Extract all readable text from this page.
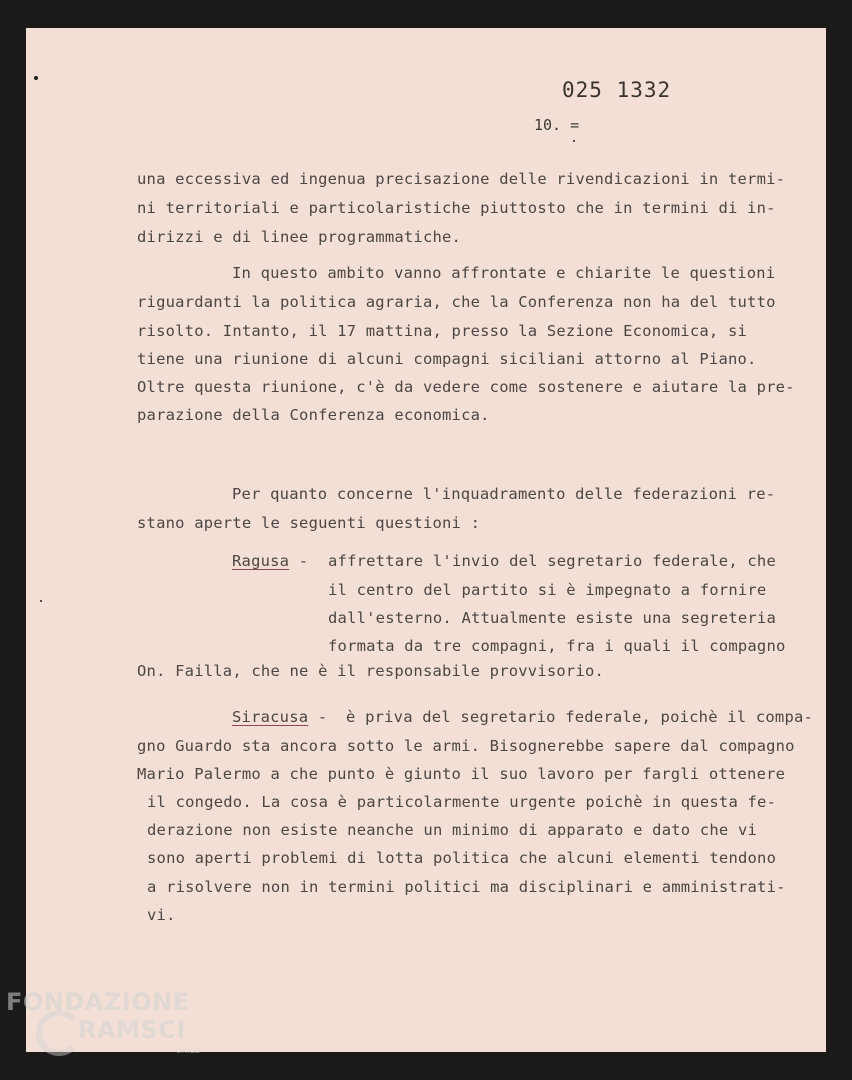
025 1332
10. =
una eccessiva ed ingenua precisazione delle rivendicazioni in termi-
ni territoriali e particolaristiche piuttosto che in termini di in-
dirizzi e di linee programmatiche.
In questo ambito vanno affrontate e chiarite le questioni
riguardanti la politica agraria, che la Conferenza non ha del tutto
risolto. Intanto, il 17 mattina, presso la Sezione Economica, si
tiene una riunione di alcuni compagni siciliani attorno al Piano.
Oltre questa riunione, c'è da vedere come sostenere e aiutare la pre-
parazione della Conferenza economica.
Per quanto concerne l'inquadramento delle federazioni re-
stano aperte le seguenti questioni :
Ragusa - affrettare l'invio del segretario federale, che
il centro del partito si è impegnato a fornire
dall'esterno. Attualmente esiste una segreteria
formata da tre compagni, fra i quali il compagno
On. Failla, che ne è il responsabile provvisorio.
Siracusa - è priva del segretario federale, poichè il compa-
gno Guardo sta ancora sotto le armi. Bisognerebbe sapere dal compagno
Mario Palermo a che punto è giunto il suo lavoro per fargli ottenere
il congedo. La cosa è particolarmente urgente poichè in questa fe-
derazione non esiste neanche un minimo di apparato e dato che vi
sono aperti problemi di lotta politica che alcuni elementi tendono
a risolvere non in termini politici ma disciplinari e amministrati-
vi.
FONDAZIONE
RAMSCI
onlus
